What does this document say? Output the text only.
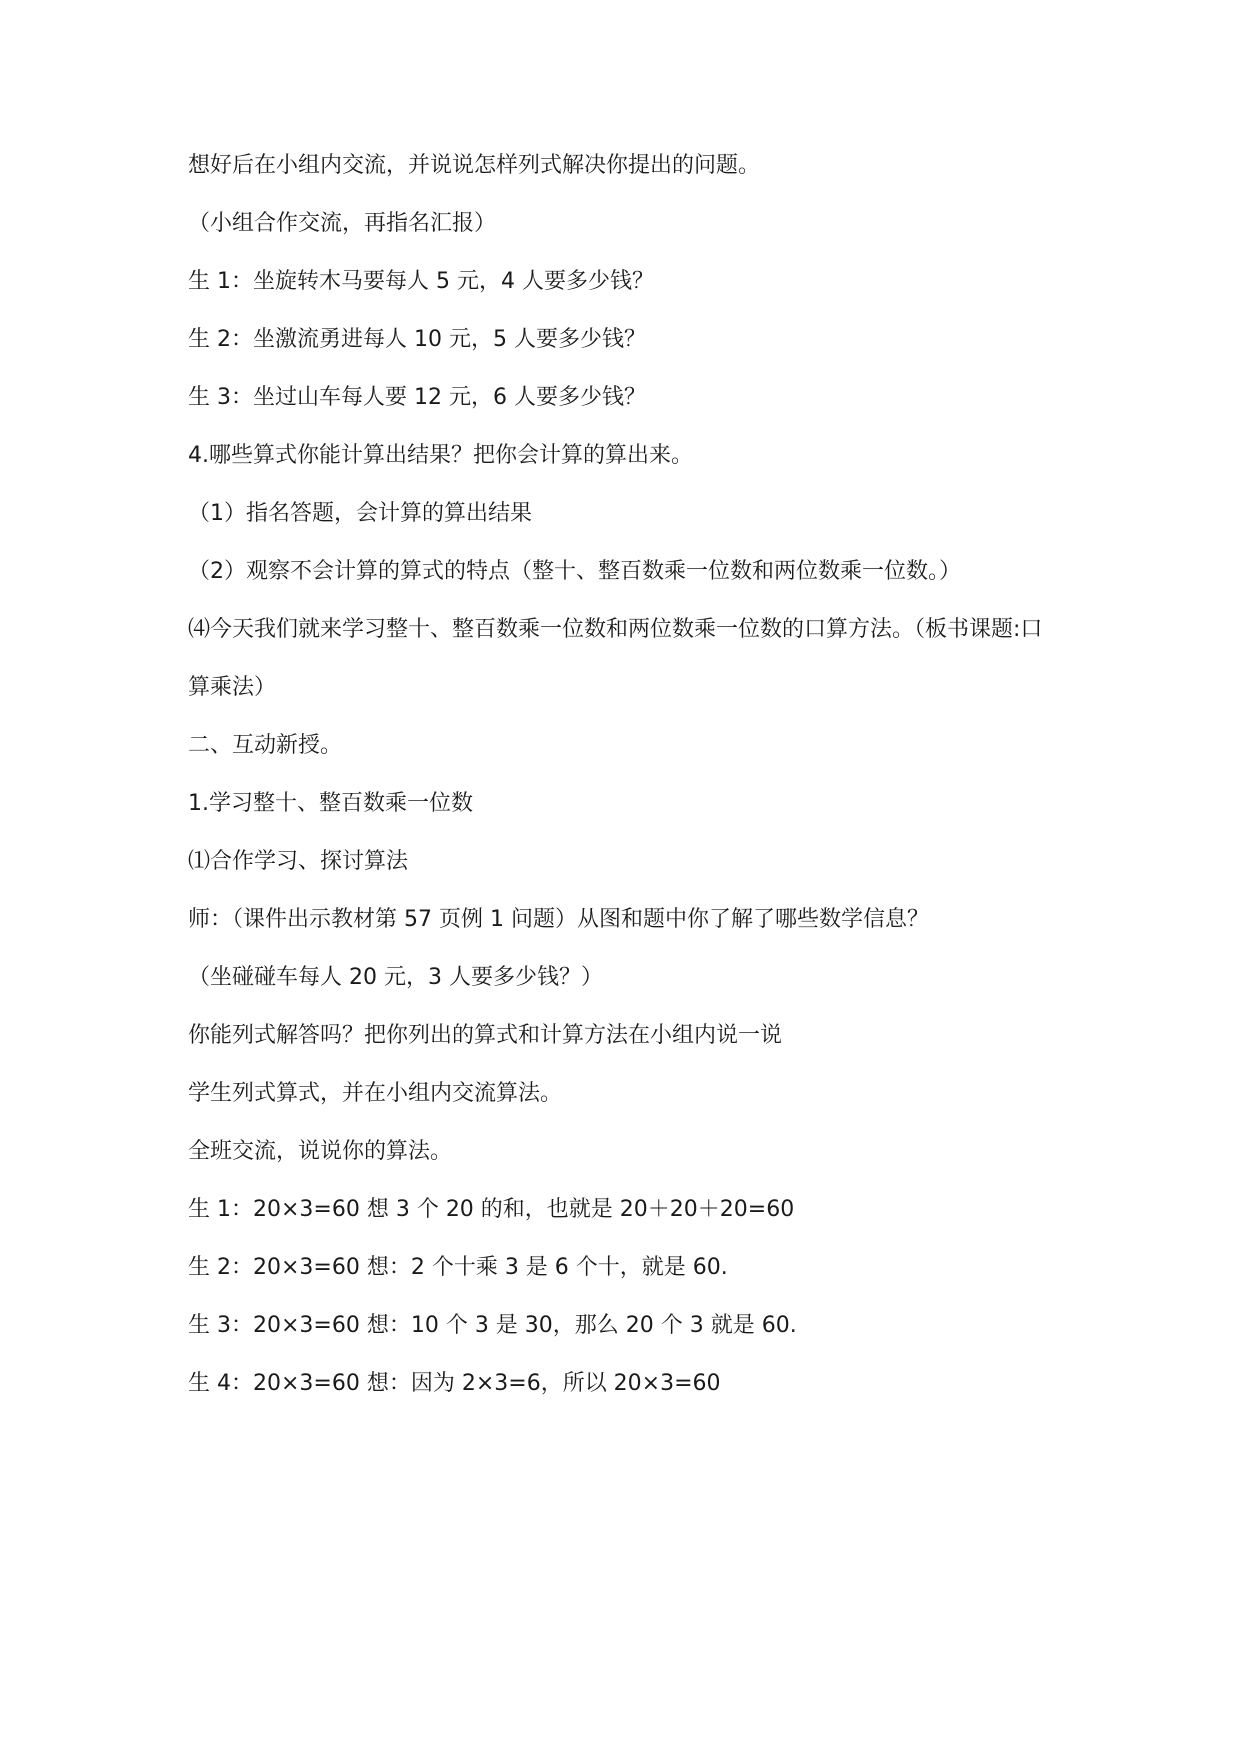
想好后在小组内交流，并说说怎样列式解决你提出的问题。
（小组合作交流，再指名汇报）
生 1：坐旋转木马要每人 5 元，4 人要多少钱？
生 2：坐激流勇进每人 10 元，5 人要多少钱？
生 3：坐过山车每人要 12 元，6 人要多少钱？
4.哪些算式你能计算出结果？把你会计算的算出来。
（1）指名答题，会计算的算出结果
（2）观察不会计算的算式的特点（整十、整百数乘一位数和两位数乘一位数。）
⑷今天我们就来学习整十、整百数乘一位数和两位数乘一位数的口算方法。（板书课题:口
算乘法）
二、互动新授。
1.学习整十、整百数乘一位数
⑴合作学习、探讨算法
师：（课件出示教材第 57 页例 1 问题）从图和题中你了解了哪些数学信息？
（坐碰碰车每人 20 元，3 人要多少钱？）
你能列式解答吗？把你列出的算式和计算方法在小组内说一说
学生列式算式，并在小组内交流算法。
全班交流，说说你的算法。
生 1：20×3=60 想 3 个 20 的和，也就是 20＋20＋20=60
生 2：20×3=60 想：2 个十乘 3 是 6 个十，就是 60.
生 3：20×3=60 想：10 个 3 是 30，那么 20 个 3 就是 60.
生 4：20×3=60 想：因为 2×3=6，所以 20×3=60
